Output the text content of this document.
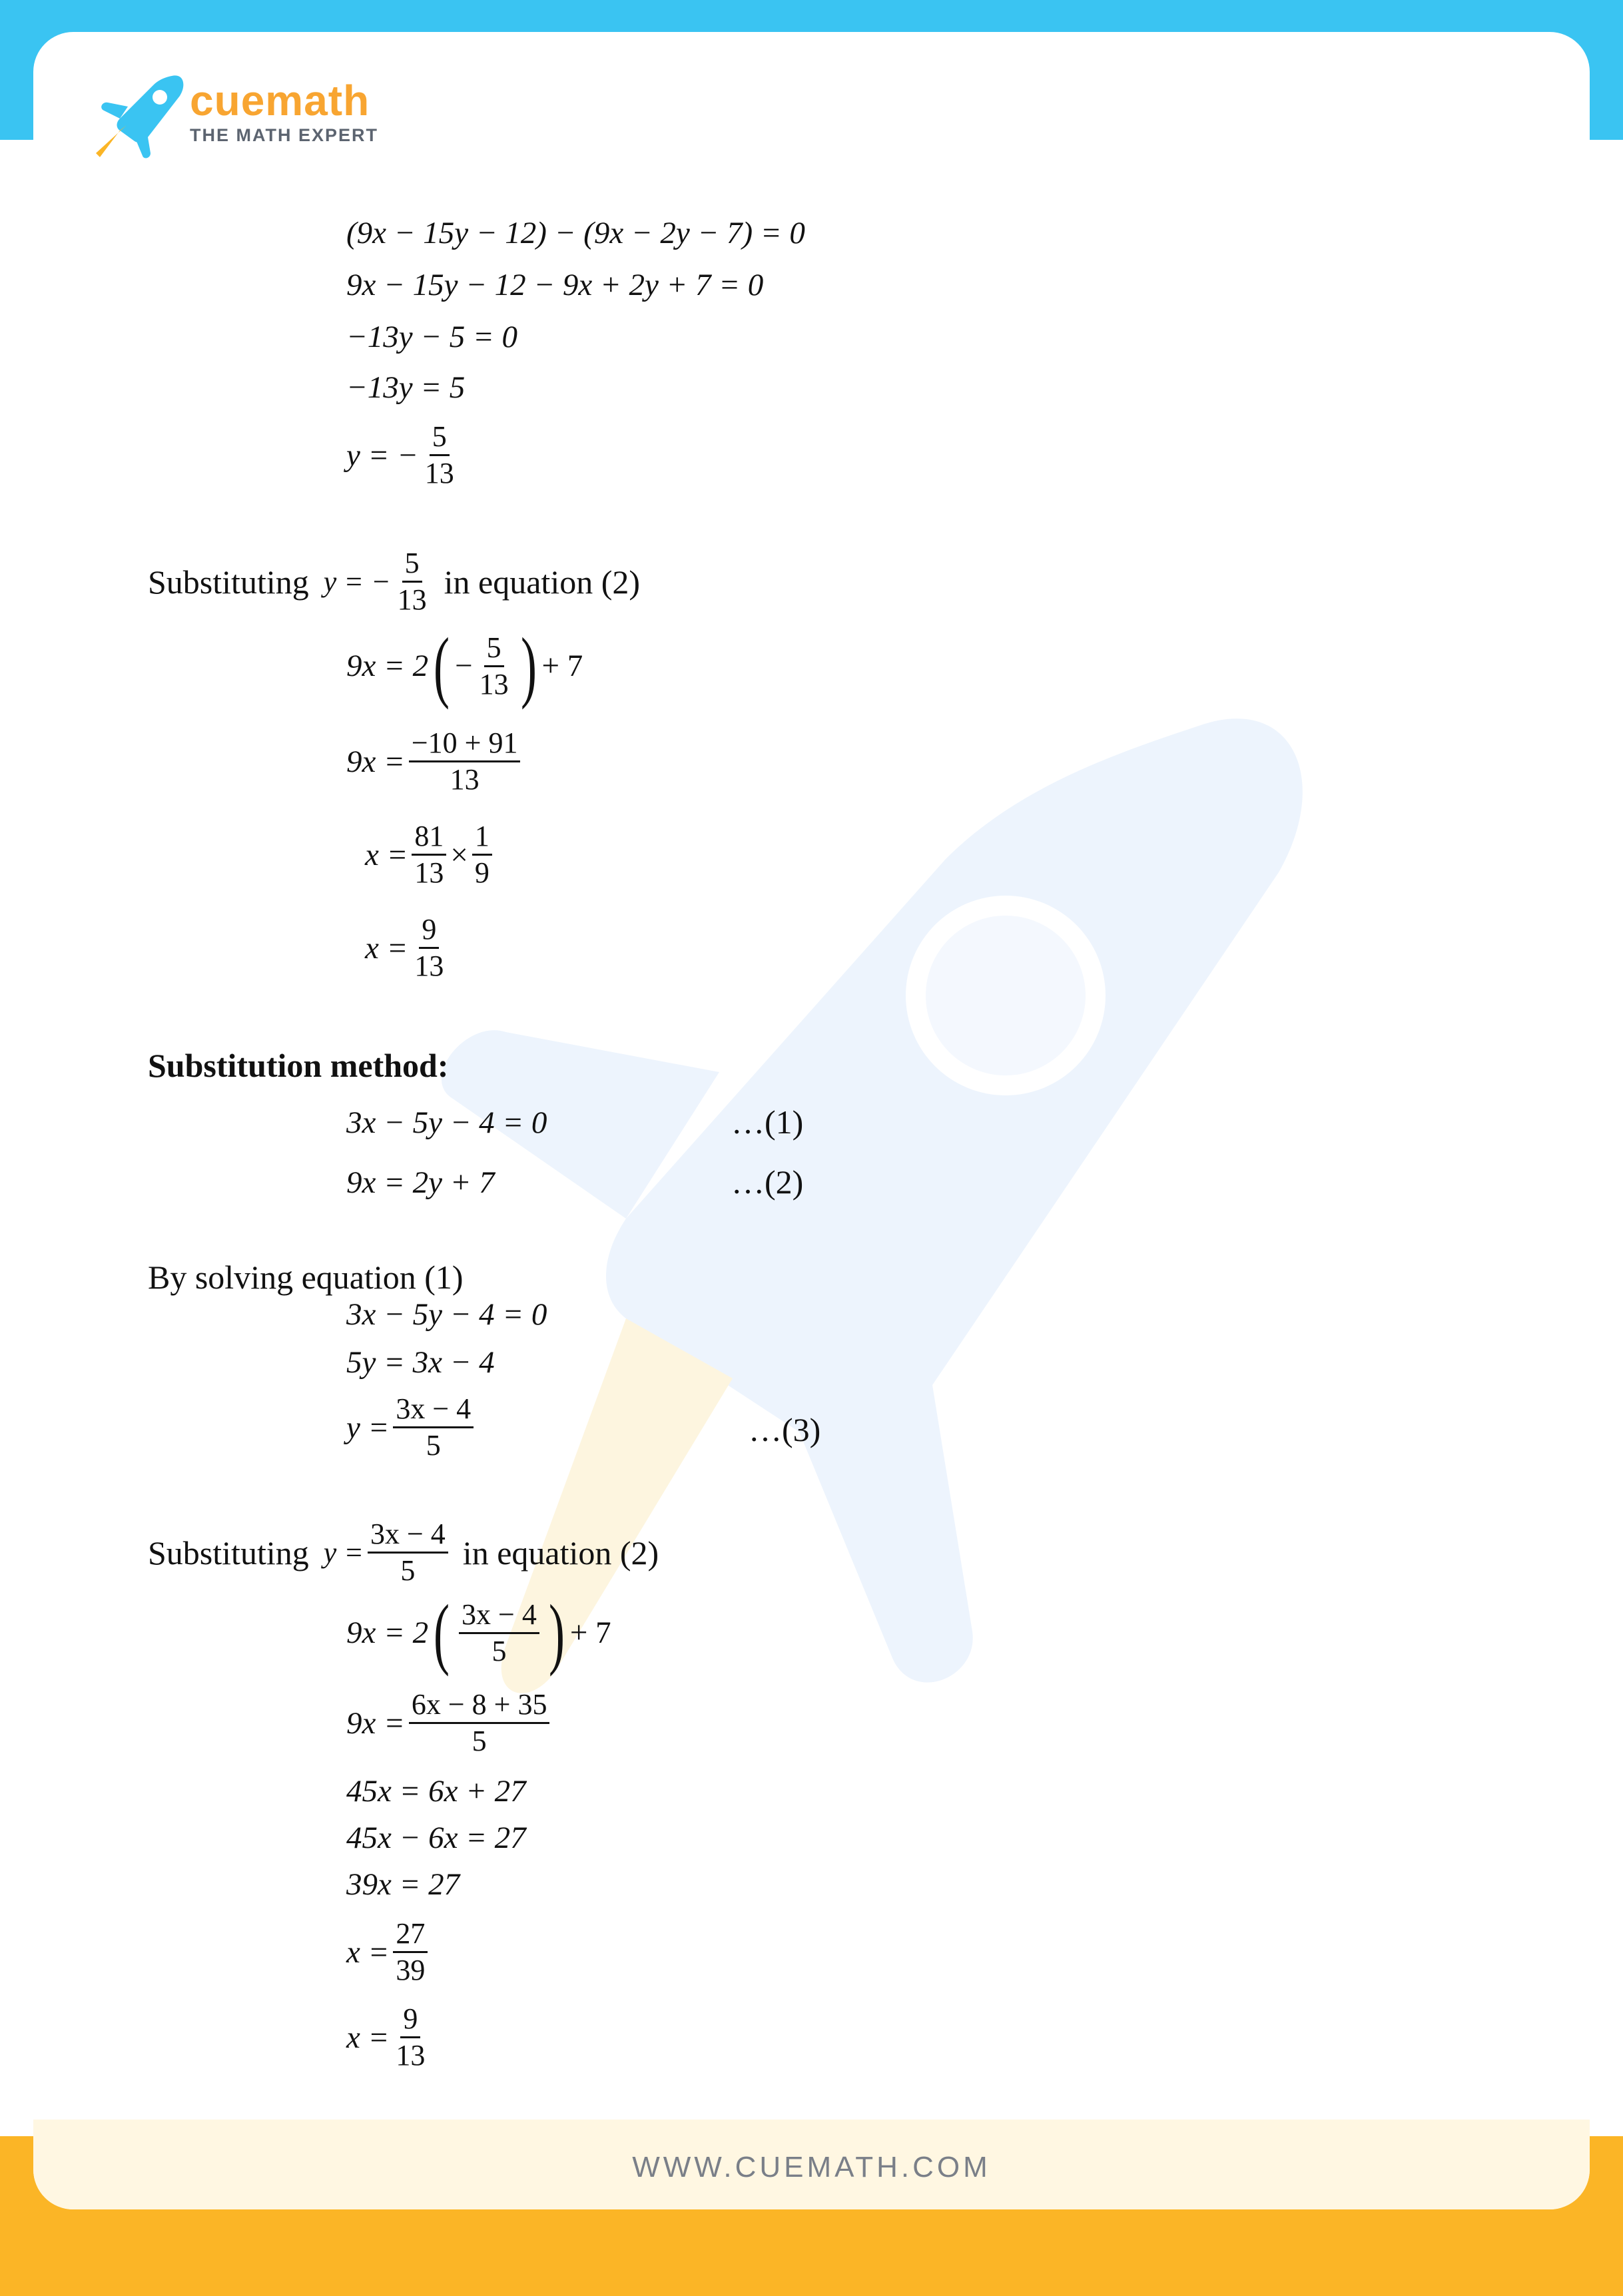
WWW.CUEMATH.COM
cuemath
THE MATH EXPERT
(9x − 15y − 12) − (9x − 2y − 7) = 0
9x − 15y − 12 − 9x + 2y + 7 = 0
−13y − 5 = 0
−13y = 5
y = − $\frac{5}{13}$
Substituting y = − $\frac{5}{13}$ in equation (2)
9x = 2 ( − $\frac{5}{13}$ ) + 7
$9x = \frac{-10 + 91}{13}$
$x = \frac{81}{13} \times \frac{1}{9}$
$x = \frac{9}{13}$
Substitution method:
3x − 5y − 4 = 0	…(1)
9x = 2y + 7	…(2)
By solving equation (1)
3x − 5y − 4 = 0
5y = 3x − 4
$y = \frac{3x - 4}{5}$	…(3)
Substituting $y = \frac{3x - 4}{5}$ in equation (2)
9x = 2 ( $\frac{3x - 4}{5}$ ) + 7
$9x = \frac{6x - 8 + 35}{5}$
45x = 6x + 27
45x − 6x = 27
39x = 27
$x = \frac{27}{39}$
$x = \frac{9}{13}$
